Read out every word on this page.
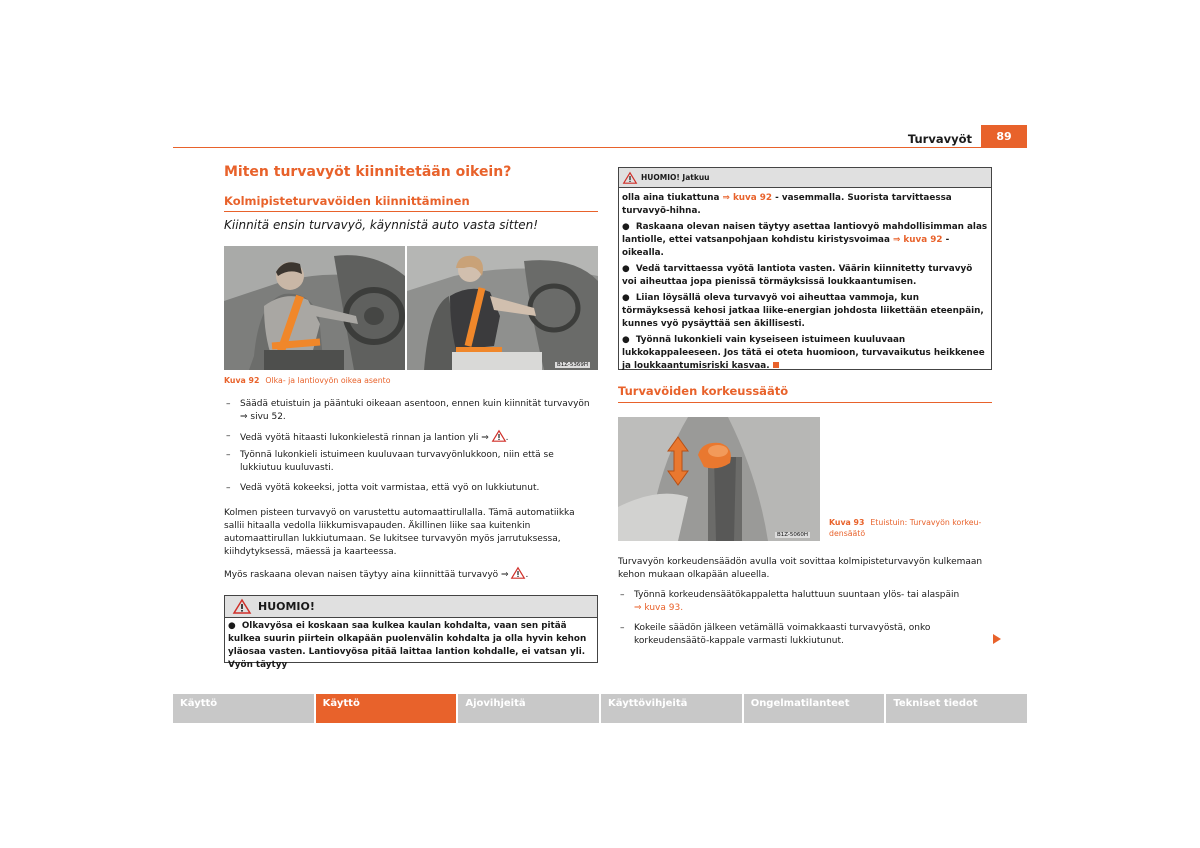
Turvavyöt	89
Miten turvavyöt kiinnitetään oikein?
Kolmipisteturvavöiden kiinnittäminen
Kiinnitä ensin turvavyö, käynnistä auto vasta sitten!
B1Z-5369H
Kuva 92 Olka- ja lantiovyön oikea asento
–	Säädä etuistuin ja pääntuki oikeaan asentoon, ennen kuin kiinnität turvavyön
⇒ sivu 52.
–	Vedä vyötä hitaasti lukonkielestä rinnan ja lantion yli ⇒ .
–	Työnnä lukonkieli istuimeen kuuluvaan turvavyönlukkoon, niin että se lukkiutuu kuuluvasti.
–	Vedä vyötä kokeeksi, jotta voit varmistaa, että vyö on lukkiutunut.
Kolmen pisteen turvavyö on varustettu automaattirullalla. Tämä automatiikka sallii hitaalla vedolla liikkumisvapauden. Äkillinen liike saa kuitenkin automaattirullan lukkiutumaan. Se lukitsee turvavyön myös jarrutuksessa, kiihdytyksessä, mäessä ja kaarteessa.
Myös raskaana olevan naisen täytyy aina kiinnittää turvavyö ⇒ .
HUOMIO!
● Olkavyösa ei koskaan saa kulkea kaulan kohdalta, vaan sen pitää kulkea suurin piirtein olkapään puolenvälin kohdalta ja olla hyvin kehon yläosaa vasten. Lantiovyösa pitää laittaa lantion kohdalle, ei vatsan yli. Vyön täytyy
HUOMIO! Jatkuu

olla aina tiukattuna ⇒ kuva 92 - vasemmalla. Suorista tarvittaessa turvavyö-hihna.

● Raskaana olevan naisen täytyy asettaa lantiovyö mahdollisimman alas lantiolle, ettei vatsanpohjaan kohdistu kiristysvoimaa ⇒ kuva 92 - oikealla.

● Vedä tarvittaessa vyötä lantiota vasten. Väärin kiinnitetty turvavyö voi aiheuttaa jopa pienissä törmäyksissä loukkaantumisen.

● Liian löysällä oleva turvavyö voi aiheuttaa vammoja, kun törmäyksessä kehosi jatkaa liike-energian johdosta liikettään eteenpäin, kunnes vyö pysäyttää sen äkillisesti.

● Työnnä lukonkieli vain kyseiseen istuimeen kuuluvaan lukkokappaleeseen. Jos tätä ei oteta huomioon, turvavaikutus heikkenee ja loukkaantumisriski kasvaa.

Turvavöiden korkeussäätö
B1Z-5060H
Kuva 93 Etuistuin: Turvavyön korkeu-densäätö
Turvavyön korkeudensäädön avulla voit sovittaa kolmipisteturvavyön kulkemaan kehon mukaan olkapään alueella.
–	Työnnä korkeudensäätökappaletta haluttuun suuntaan ylös- tai alaspäin
⇒ kuva 93.
–	Kokeile säädön jälkeen vetämällä voimakkaasti turvavyöstä, onko korkeudensäätö-kappale varmasti lukkiutunut.
Käyttö	Käyttö	Ajovihjeitä	Käyttövihjeitä	Ongelmatilanteet	Tekniset tiedot
